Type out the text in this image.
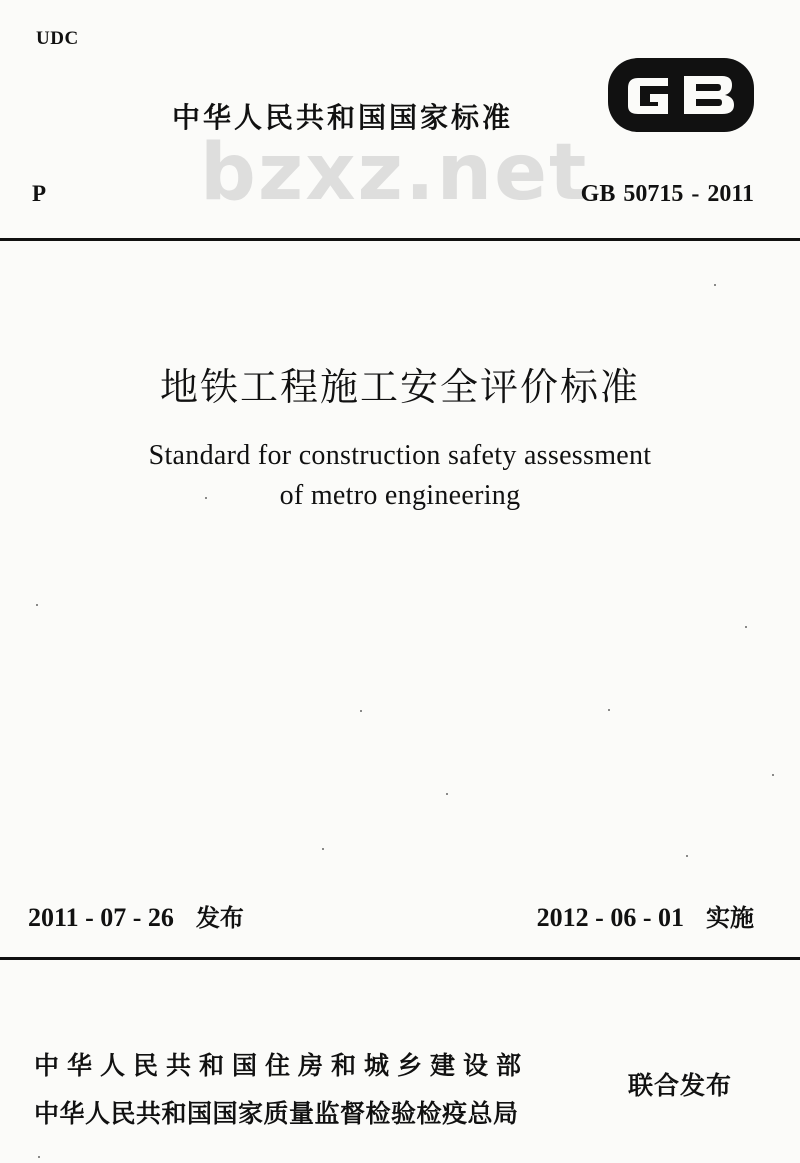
UDC
中华人民共和国国家标准
bzxz.net
P	GB 50715 - 2011
地铁工程施工安全评价标准
Standard for construction safety assessment
of metro engineering
2011 - 07 - 26 发布	2012 - 06 - 01 实施
中华人民共和国住房和城乡建设部
中华人民共和国国家质量监督检验检疫总局
联合发布
